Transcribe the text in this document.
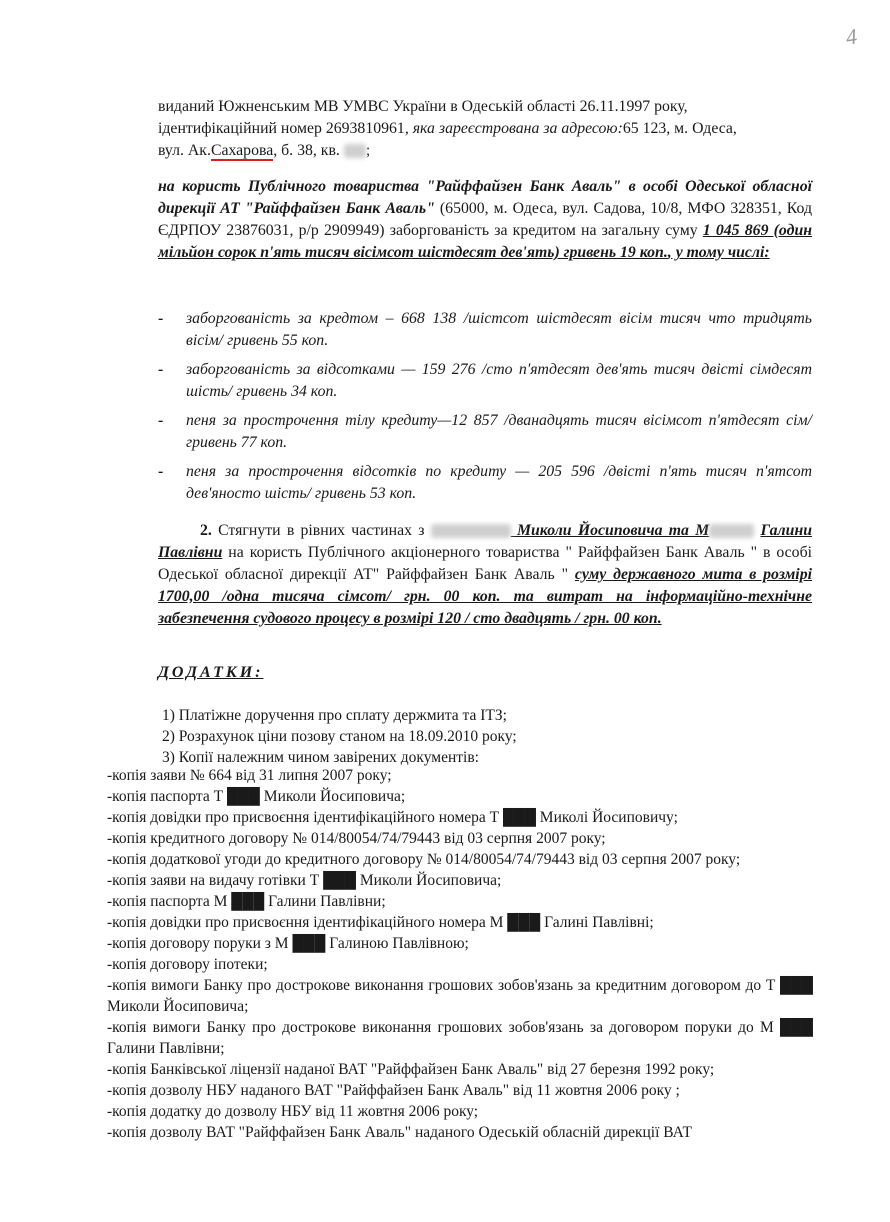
4
виданий Южненським МВ УМВС України в Одеській області 26.11.1997 року,
ідентифікаційний номер 2693810961, яка зареєстрована за адресою:65 123, м. Одеса,
вул. Ак.Сахарова, б. 38, кв. ;
на користь Публічного товариства "Райффайзен Банк Аваль" в особі Одеської обласної дирекції АТ "Райффайзен Банк Аваль" (65000, м. Одеса, вул. Садова, 10/8, МФО 328351, Код ЄДРПОУ 23876031, р/р 2909949) заборгованість за кредитом на загальну суму 1 045 869 (один мільйон сорок п'ять тисяч вісімсот шістдесят дев'ять) гривень 19 коп., у тому числі:
- заборгованість за кредтом – 668 138 /шістсот шістдесят вісім тисяч что тридцять вісім/ гривень 55 коп.
- заборгованість за відсотками — 159 276 /сто п'ятдесят дев'ять тисяч двісті сімдесят шість/ гривень 34 коп.
- пеня за прострочення тілу кредиту—12 857 /дванадцять тисяч вісімсот п'ятдесят сім/ гривень 77 коп.
- пеня за прострочення відсотків по кредиту — 205 596 /двісті п'ять тисяч п'ятсот дев'яносто шість/ гривень 53 коп.
2. Стягнути в рівних частинах з	Миколи Йосиповича та М	Галини Павлівни на користь Публічного акціонерного товариства " Райффайзен Банк Аваль " в особі Одеської обласної дирекції АТ" Райффайзен Банк Аваль " суму державного мита в розмірі 1700,00 /одна тисяча сімсот/ грн. 00 коп. та витрат на інформаційно-технічне забезпечення судового процесу в розмірі 120 / сто двадцять / грн. 00 коп.
ДОДАТКИ:
1) Платіжне доручення про сплату держмита та ІТЗ;
2) Розрахунок ціни позову станом на 18.09.2010 року;
3) Копії належним чином завірених документів:
-копія заяви № 664 від 31 липня 2007 року;
-копія паспорта Т ███ Миколи Йосиповича;
-копія довідки про присвоєння ідентифікаційного номера Т ███ Миколі Йосиповичу;
-копія кредитного договору № 014/80054/74/79443 від 03 серпня 2007 року;
-копія додаткової угоди до кредитного договору № 014/80054/74/79443 від 03 серпня 2007 року;
-копія заяви на видачу готівки Т ███ Миколи Йосиповича;
-копія паспорта М ███ Галини Павлівни;
-копія довідки про присвоєння ідентифікаційного номера М ███ Галині Павлівні;
-копія договору поруки з М ███ Галиною Павлівною;
-копія договору іпотеки;
-копія вимоги Банку про дострокове виконання грошових зобов'язань за кредитним договором до Т ███ Миколи Йосиповича;
-копія вимоги Банку про дострокове виконання грошових зобов'язань за договором поруки до М ███ Галини Павлівни;
-копія Банківської ліцензії наданої ВАТ "Райффайзен Банк Аваль" від 27 березня 1992 року;
-копія дозволу НБУ наданого ВАТ "Райффайзен Банк Аваль" від 11 жовтня 2006 року ;
-копія додатку до дозволу НБУ від 11 жовтня 2006 року;
-копія дозволу ВАТ "Райффайзен Банк Аваль" наданого Одеській обласній дирекції ВАТ
